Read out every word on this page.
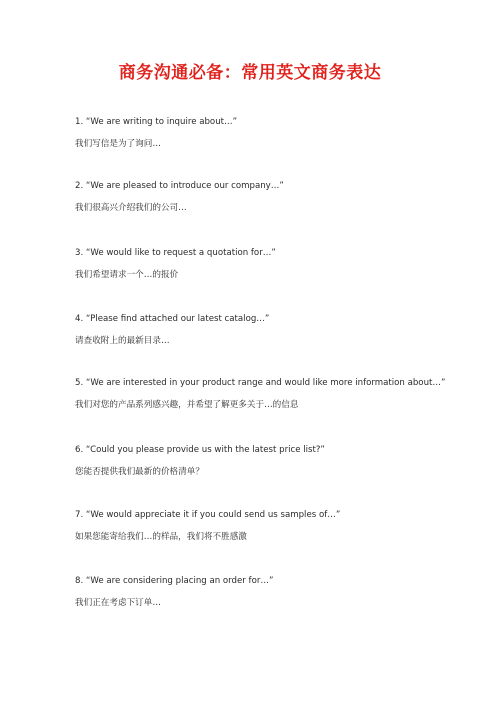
商务沟通必备：常用英文商务表达
1. “We are writing to inquire about…”
我们写信是为了询问…
2. “We are pleased to introduce our company…”
我们很高兴介绍我们的公司…
3. “We would like to request a quotation for…”
我们希望请求一个…的报价
4. “Please find attached our latest catalog…”
请查收附上的最新目录…
5. “We are interested in your product range and would like more information about…”
我们对您的产品系列感兴趣，并希望了解更多关于…的信息
6. “Could you please provide us with the latest price list?”
您能否提供我们最新的价格清单？
7. “We would appreciate it if you could send us samples of…”
如果您能寄给我们…的样品，我们将不胜感激
8. “We are considering placing an order for…”
我们正在考虑下订单…
